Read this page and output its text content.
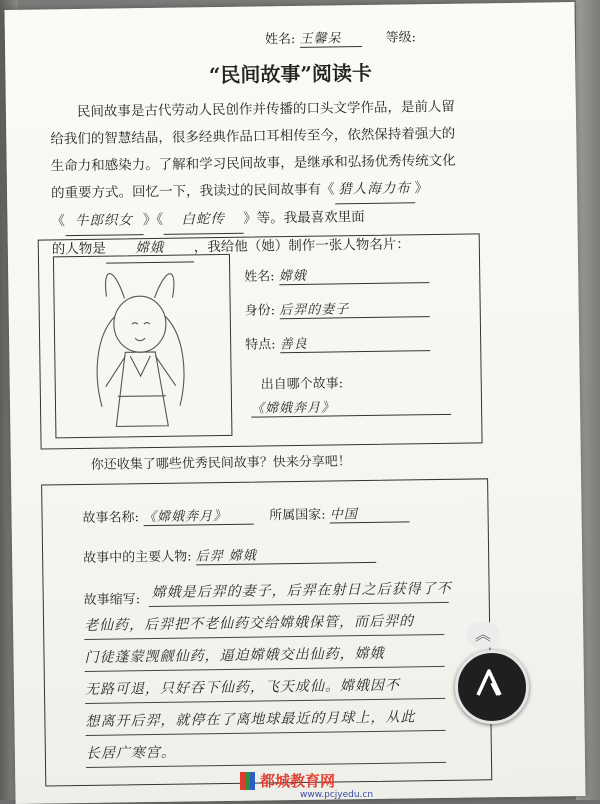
姓名: 王馨呆	等级:
“民间故事”阅读卡
民间故事是古代劳动人民创作并传播的口头文学作品，是前人留
给我们的智慧结晶，很多经典作品口耳相传至今，依然保持着强大的
生命力和感染力。了解和学习民间故事，是继承和弘扬优秀传统文化
的重要方式。回忆一下，我读过的民间故事有《 猎人海力布 》
《 牛郎织女 》《 白蛇传 》等。我最喜欢里面
的人物是 嫦娥 ，我给他（她）制作一张人物名片：
姓名: 嫦娥
身份: 后羿的妻子
特点: 善良
出自哪个故事:
《嫦娥奔月》
你还收集了哪些优秀民间故事？快来分享吧！
故事名称: 《嫦娥奔月》	所属国家: 中国
故事中的主要人物: 后羿 嫦娥
故事缩写: 嫦娥是后羿的妻子，后羿在射日之后获得了不
老仙药，后羿把不老仙药交给嫦娥保管，而后羿的
门徒蓬蒙觊觎仙药，逼迫嫦娥交出仙药，嫦娥
无路可退，只好吞下仙药，飞天成仙。嫦娥因不
想离开后羿，就停在了离地球最近的月球上，从此
长居广寒宫。
︽
都城教育网
www.pcjyedu.cn
